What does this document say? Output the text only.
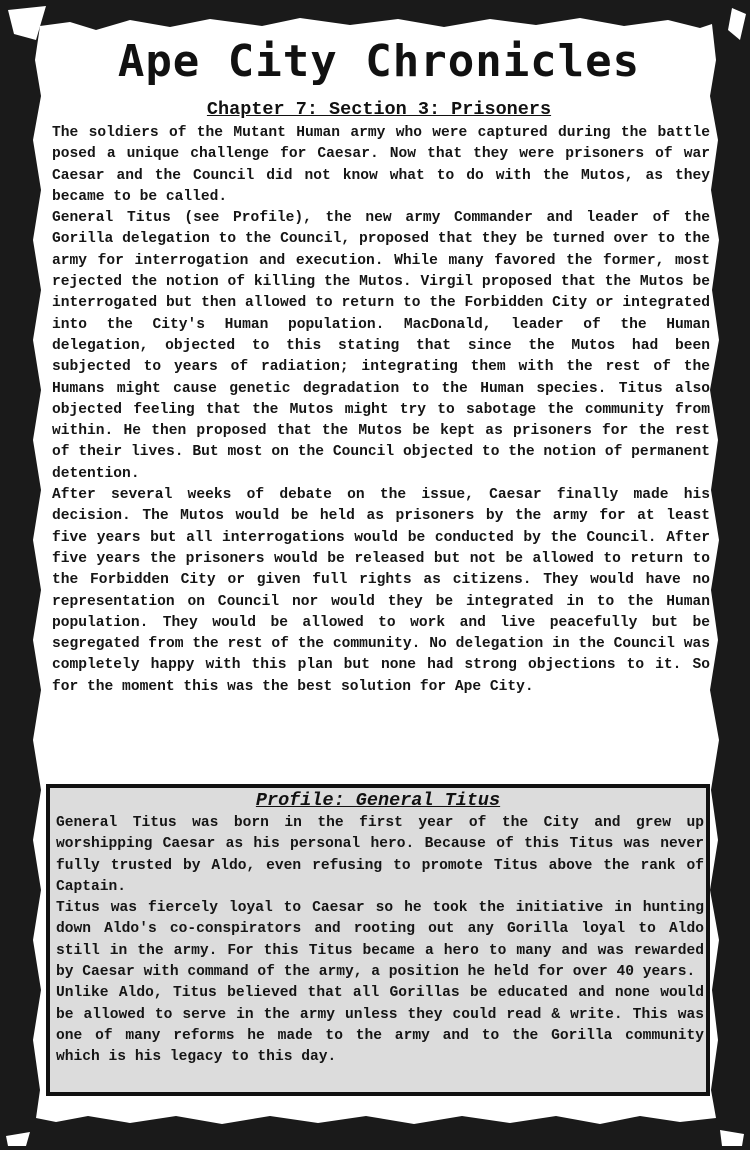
Ape City Chronicles
Chapter 7: Section 3: Prisoners

The soldiers of the Mutant Human army who were captured during the battle posed a unique challenge for Caesar. Now that they were prisoners of war Caesar and the Council did not know what to do with the Mutos, as they became to be called.

General Titus (see Profile), the new army Commander and leader of the Gorilla delegation to the Council, proposed that they be turned over to the army for interrogation and execution. While many favored the former, most rejected the notion of killing the Mutos. Virgil proposed that the Mutos be interrogated but then allowed to return to the Forbidden City or integrated into the City's Human population. MacDonald, leader of the Human delegation, objected to this stating that since the Mutos had been subjected to years of radiation; integrating them with the rest of the Humans might cause genetic degradation to the Human species. Titus also objected feeling that the Mutos might try to sabotage the community from within. He then proposed that the Mutos be kept as prisoners for the rest of their lives. But most on the Council objected to the notion of permanent detention.

After several weeks of debate on the issue, Caesar finally made his decision. The Mutos would be held as prisoners by the army for at least five years but all interrogations would be conducted by the Council. After five years the prisoners would be released but not be allowed to return to the Forbidden City or given full rights as citizens. They would have no representation on Council nor would they be integrated in to the Human population. They would be allowed to work and live peacefully but be segregated from the rest of the community. No delegation in the Council was completely happy with this plan but none had strong objections to it. So for the moment this was the best solution for Ape City.

Profile: General Titus

General Titus was born in the first year of the City and grew up worshipping Caesar as his personal hero. Because of this Titus was never fully trusted by Aldo, even refusing to promote Titus above the rank of Captain.

Titus was fiercely loyal to Caesar so he took the initiative in hunting down Aldo's co-conspirators and rooting out any Gorilla loyal to Aldo still in the army. For this Titus became a hero to many and was rewarded by Caesar with command of the army, a position he held for over 40 years.

Unlike Aldo, Titus believed that all Gorillas be educated and none would be allowed to serve in the army unless they could read & write. This was one of many reforms he made to the army and to the Gorilla community which is his legacy to this day.
